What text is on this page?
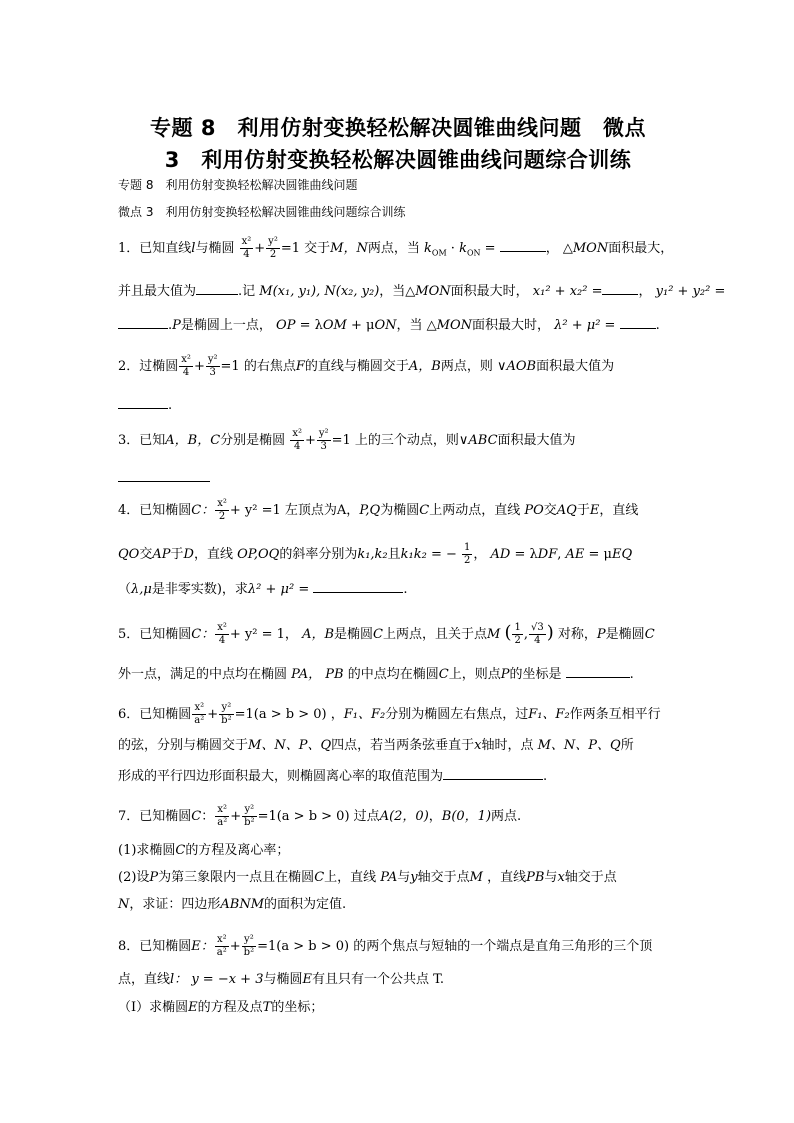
专题 8　利用仿射变换轻松解决圆锥曲线问题　微点
3　利用仿射变换轻松解决圆锥曲线问题综合训练
专题 8　利用仿射变换轻松解决圆锥曲线问题
微点 3　利用仿射变换轻松解决圆锥曲线问题综合训练
1．已知直线l与椭圆 $\frac{\text{x²}}{4} + \frac{\text{y²}}{2} =1$ 交于M，N两点，当 $k_{OM} \cdot k_{ON}$ =	， △MON面积最大，
并且最大值为	.记 M(x₁, y₁), N(x₂, y₂)，当△MON面积最大时， x₁² + x₂² =	， y₁² + y₂² =
.P是椭圆上一点， OP = λOM + μON，当 △MON面积最大时， λ² + μ² =	.
2．过椭圆 $\frac{\text{x²}}{4} + \frac{\text{y²}}{3} =1$ 的右焦点F的直线与椭圆交于A，B两点，则 ∨AOB面积最大值为
.
3．已知A，B，C分别是椭圆 $\frac{\text{x²}}{4} + \frac{\text{y²}}{3} =1$ 上的三个动点，则∨ABC面积最大值为
4．已知椭圆C： $\frac{\text{x²}}{2} + y^2 =1$ 左顶点为A，P,Q为椭圆C上两动点，直线 PO交AQ于E，直线
QO交AP于D，直线 OP,OQ的斜率分别为k₁,k₂且k₁k₂ = − $\frac{1}{2}$ ， AD = λDF, AE = μEQ
（λ,μ是非零实数)，求λ² + μ² =	.
5．已知椭圆C： $\frac{\text{x²}}{4} + y^2 = 1$， A，B是椭圆C上两点，且关于点M ( $\frac{1}{2}$ , $\frac{√3}{4}$ ) 对称，P是椭圆C
外一点，满足的中点均在椭圆 PA， PB 的中点均在椭圆C上，则点P的坐标是	.
6．已知椭圆 $\frac{\text{x²}}{\text{a²}} + \frac{\text{y²}}{\text{b²}} =1(a > b > 0)$ ，F₁、F₂分别为椭圆左右焦点，过F₁、F₂作两条互相平行
的弦，分别与椭圆交于M、N、P、Q四点，若当两条弦垂直于x轴时，点 M、N、P、Q所
形成的平行四边形面积最大，则椭圆离心率的取值范围为	.
7．已知椭圆C： $\frac{\text{x²}}{\text{a²}} + \frac{\text{y²}}{\text{b²}} =1(a > b > 0)$ 过点A(2，0)，B(0，1)两点.
(1)求椭圆C的方程及离心率；
(2)设P为第三象限内一点且在椭圆C上，直线 PA与y轴交于点M ，直线PB与x轴交于点
N，求证：四边形ABNM的面积为定值.
8．已知椭圆E： $\frac{\text{x²}}{\text{a²}} + \frac{\text{y²}}{\text{b²}} =1(a > b > 0)$ 的两个焦点与短轴的一个端点是直角三角形的三个顶
点，直线l： y = −x + 3与椭圆E有且只有一个公共点 T.
（I）求椭圆E的方程及点T的坐标；
